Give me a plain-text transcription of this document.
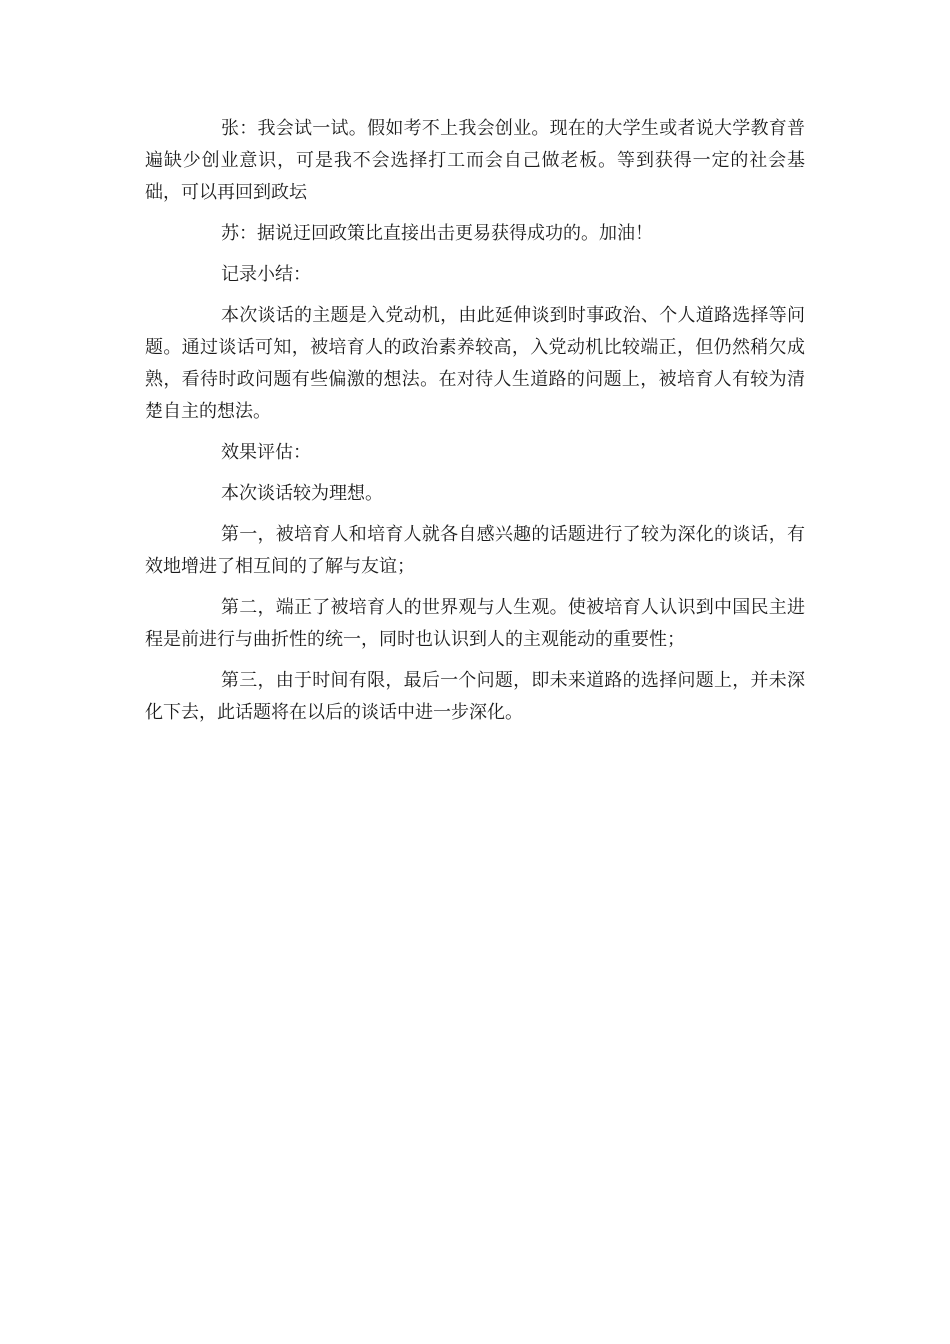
张：我会试一试。假如考不上我会创业。现在的大学生或者说大学教育普遍缺少创业意识，可是我不会选择打工而会自己做老板。等到获得一定的社会基础，可以再回到政坛

苏：据说迂回政策比直接出击更易获得成功的。加油！

记录小结：

本次谈话的主题是入党动机，由此延伸谈到时事政治、个人道路选择等问题。通过谈话可知，被培育人的政治素养较高，入党动机比较端正，但仍然稍欠成熟，看待时政问题有些偏激的想法。在对待人生道路的问题上，被培育人有较为清楚自主的想法。

效果评估：

本次谈话较为理想。

第一，被培育人和培育人就各自感兴趣的话题进行了较为深化的谈话，有效地增进了相互间的了解与友谊；

第二，端正了被培育人的世界观与人生观。使被培育人认识到中国民主进程是前进行与曲折性的统一，同时也认识到人的主观能动的重要性；

第三，由于时间有限，最后一个问题，即未来道路的选择问题上，并未深化下去，此话题将在以后的谈话中进一步深化。
